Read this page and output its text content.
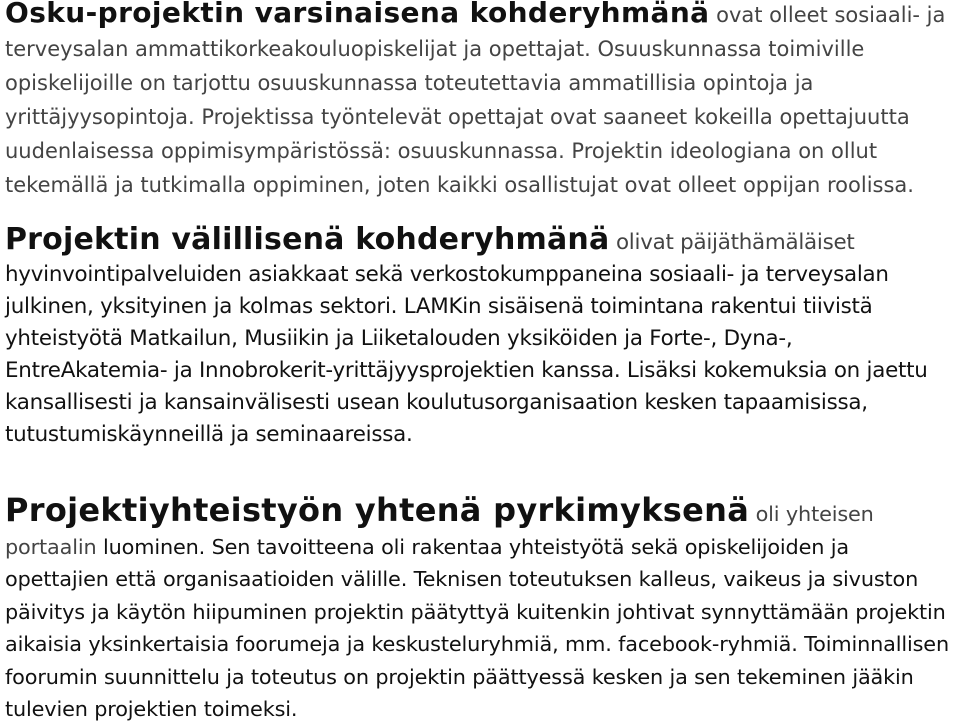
Osku-projektin varsinaisena kohderyhmänä ovat olleet sosiaali- ja terveysalan ammattikorkeakouluopiskelijat ja opettajat. Osuuskunnassa toimiville opiskelijoille on tarjottu osuuskunnassa toteutettavia ammatillisia opintoja ja yrittäjyysopintoja. Projektissa työntelevät opettajat ovat saaneet kokeilla opettajuutta uudenlaisessa oppimisympäristössä: osuuskunnassa. Projektin ideologiana on ollut tekemällä ja tutkimalla oppiminen, joten kaikki osallistujat ovat olleet oppijan roolissa.

Projektin välillisenä kohderyhmänä olivat päijäthämäläiset hyvinvointipalveluiden asiakkaat sekä verkostokumppaneina sosiaali- ja terveysalan julkinen, yksityinen ja kolmas sektori. LAMKin sisäisenä toimintana rakentui tiivistä yhteistyötä Matkailun, Musiikin ja Liiketalouden yksiköiden ja Forte-, Dyna-, EntreAkatemia- ja Innobrokerit-yrittäjyysprojektien kanssa. Lisäksi kokemuksia on jaettu kansallisesti ja kansainvälisesti usean koulutusorganisaation kesken tapaamisissa, tutustumiskäynneillä ja seminaareissa.

Projektiyhteistyön yhtenä pyrkimyksenä oli yhteisen portaalin luominen. Sen tavoitteena oli rakentaa yhteistyötä sekä opiskelijoiden ja opettajien että organisaatioiden välille. Teknisen toteutuksen kalleus, vaikeus ja sivuston päivitys ja käytön hiipuminen projektin päätyttyä kuitenkin johtivat synnyttämään projektin aikaisia yksinkertaisia foorumeja ja keskusteluryhmiä, mm. facebook-ryhmiä. Toiminnallisen foorumin suunnittelu ja toteutus on projektin päättyessä kesken ja sen tekeminen jääkin tulevien projektien toimeksi.
